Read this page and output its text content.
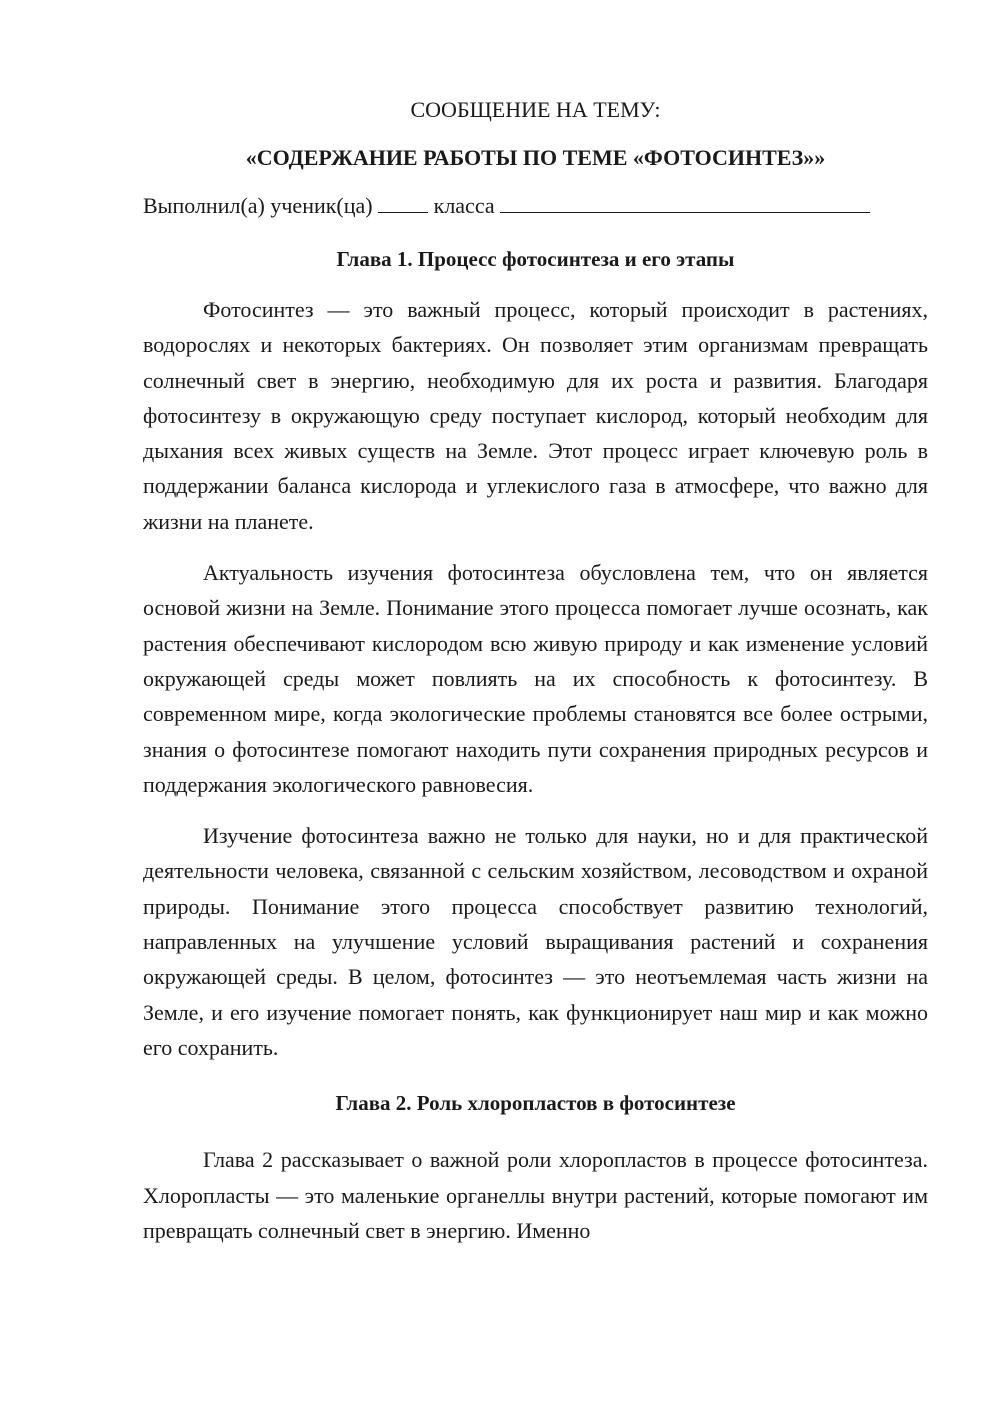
СООБЩЕНИЕ НА ТЕМУ:

«СОДЕРЖАНИЕ РАБОТЫ ПО ТЕМЕ «ФОТОСИНТЕЗ»»

Выполнил(а) ученик(ца)	класса
Глава 1. Процесс фотосинтеза и его этапы

Фотосинтез — это важный процесс, который происходит в растениях, водорослях и некоторых бактериях. Он позволяет этим организмам превращать солнечный свет в энергию, необходимую для их роста и развития. Благодаря фотосинтезу в окружающую среду поступает кислород, который необходим для дыхания всех живых существ на Земле. Этот процесс играет ключевую роль в поддержании баланса кислорода и углекислого газа в атмосфере, что важно для жизни на планете.

Актуальность изучения фотосинтеза обусловлена тем, что он является основой жизни на Земле. Понимание этого процесса помогает лучше осознать, как растения обеспечивают кислородом всю живую природу и как изменение условий окружающей среды может повлиять на их способность к фотосинтезу. В современном мире, когда экологические проблемы становятся все более острыми, знания о фотосинтезе помогают находить пути сохранения природных ресурсов и поддержания экологического равновесия.

Изучение фотосинтеза важно не только для науки, но и для практической деятельности человека, связанной с сельским хозяйством, лесоводством и охраной природы. Понимание этого процесса способствует развитию технологий, направленных на улучшение условий выращивания растений и сохранения окружающей среды. В целом, фотосинтез — это неотъемлемая часть жизни на Земле, и его изучение помогает понять, как функционирует наш мир и как можно его сохранить.

Глава 2. Роль хлоропластов в фотосинтезе

Глава 2 рассказывает о важной роли хлоропластов в процессе фотосинтеза. Хлоропласты — это маленькие органеллы внутри растений, которые помогают им превращать солнечный свет в энергию. Именно
